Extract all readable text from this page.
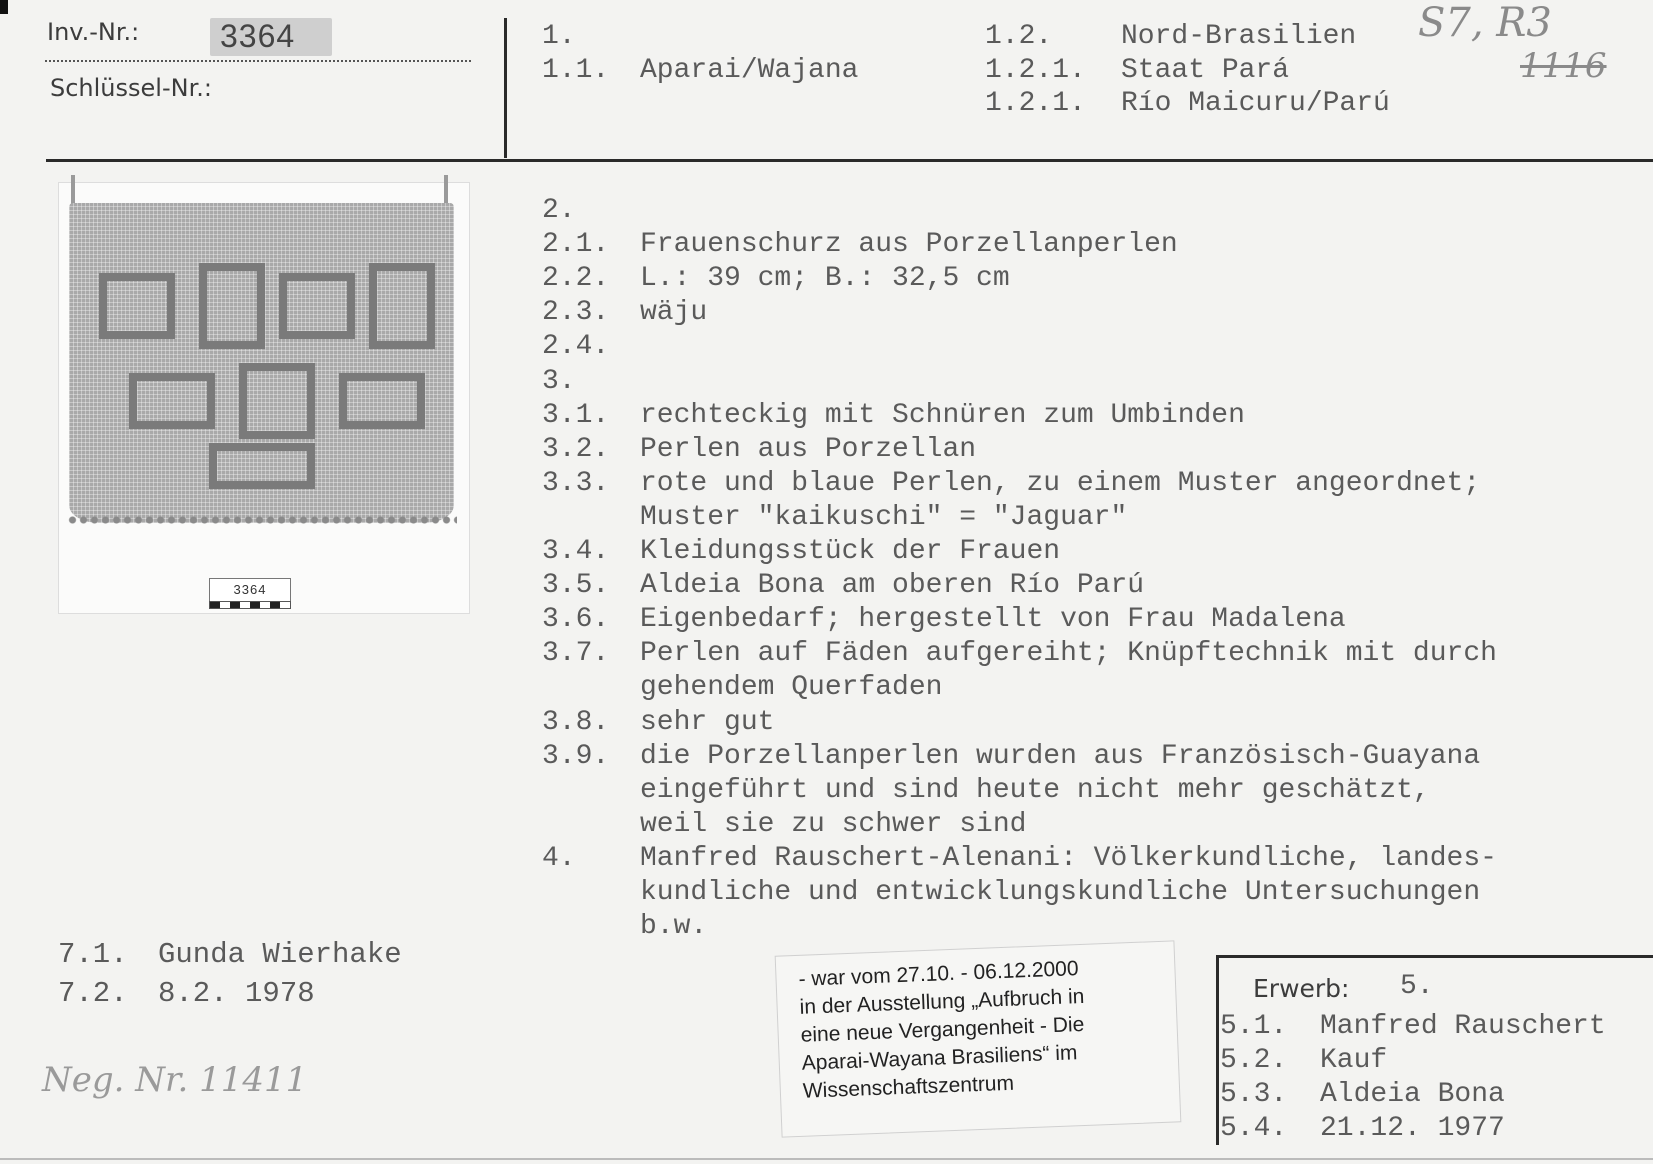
Inv.-Nr.:	3364
Schlüssel-Nr.:
1.
1.1. Aparai/Wajana
1.2. Nord-Brasilien
1.2.1. Staat Pará
1.2.1. Río Maicuru/Parú
S7, R3
1116
3364
2.
2.1. Frauenschurz aus Porzellanperlen
2.2. L.: 39 cm; B.: 32,5 cm
2.3. wäju
2.4.
3.
3.1. rechteckig mit Schnüren zum Umbinden
3.2. Perlen aus Porzellan
3.3. rote und blaue Perlen, zu einem Muster angeordnet;
Muster "kaikuschi" = "Jaguar"
3.4. Kleidungsstück der Frauen
3.5. Aldeia Bona am oberen Río Parú
3.6. Eigenbedarf; hergestellt von Frau Madalena
3.7. Perlen auf Fäden aufgereiht; Knüpftechnik mit durch
gehendem Querfaden
3.8. sehr gut
3.9. die Porzellanperlen wurden aus Französisch-Guayana
eingeführt und sind heute nicht mehr geschätzt,
weil sie zu schwer sind
4. Manfred Rauschert-Alenani: Völkerkundliche, landes-
kundliche und entwicklungskundliche Untersuchungen
b.w.
7.1. Gunda Wierhake
7.2. 8.2. 1978
Neg. Nr. 11411
- war vom 27.10. - 06.12.2000
in der Ausstellung „Aufbruch in
eine neue Vergangenheit - Die
Aparai-Wayana Brasiliens“ im
Wissenschaftszentrum
Erwerb: 5.
5.1. Manfred Rauschert
5.2. Kauf
5.3. Aldeia Bona
5.4. 21.12. 1977
